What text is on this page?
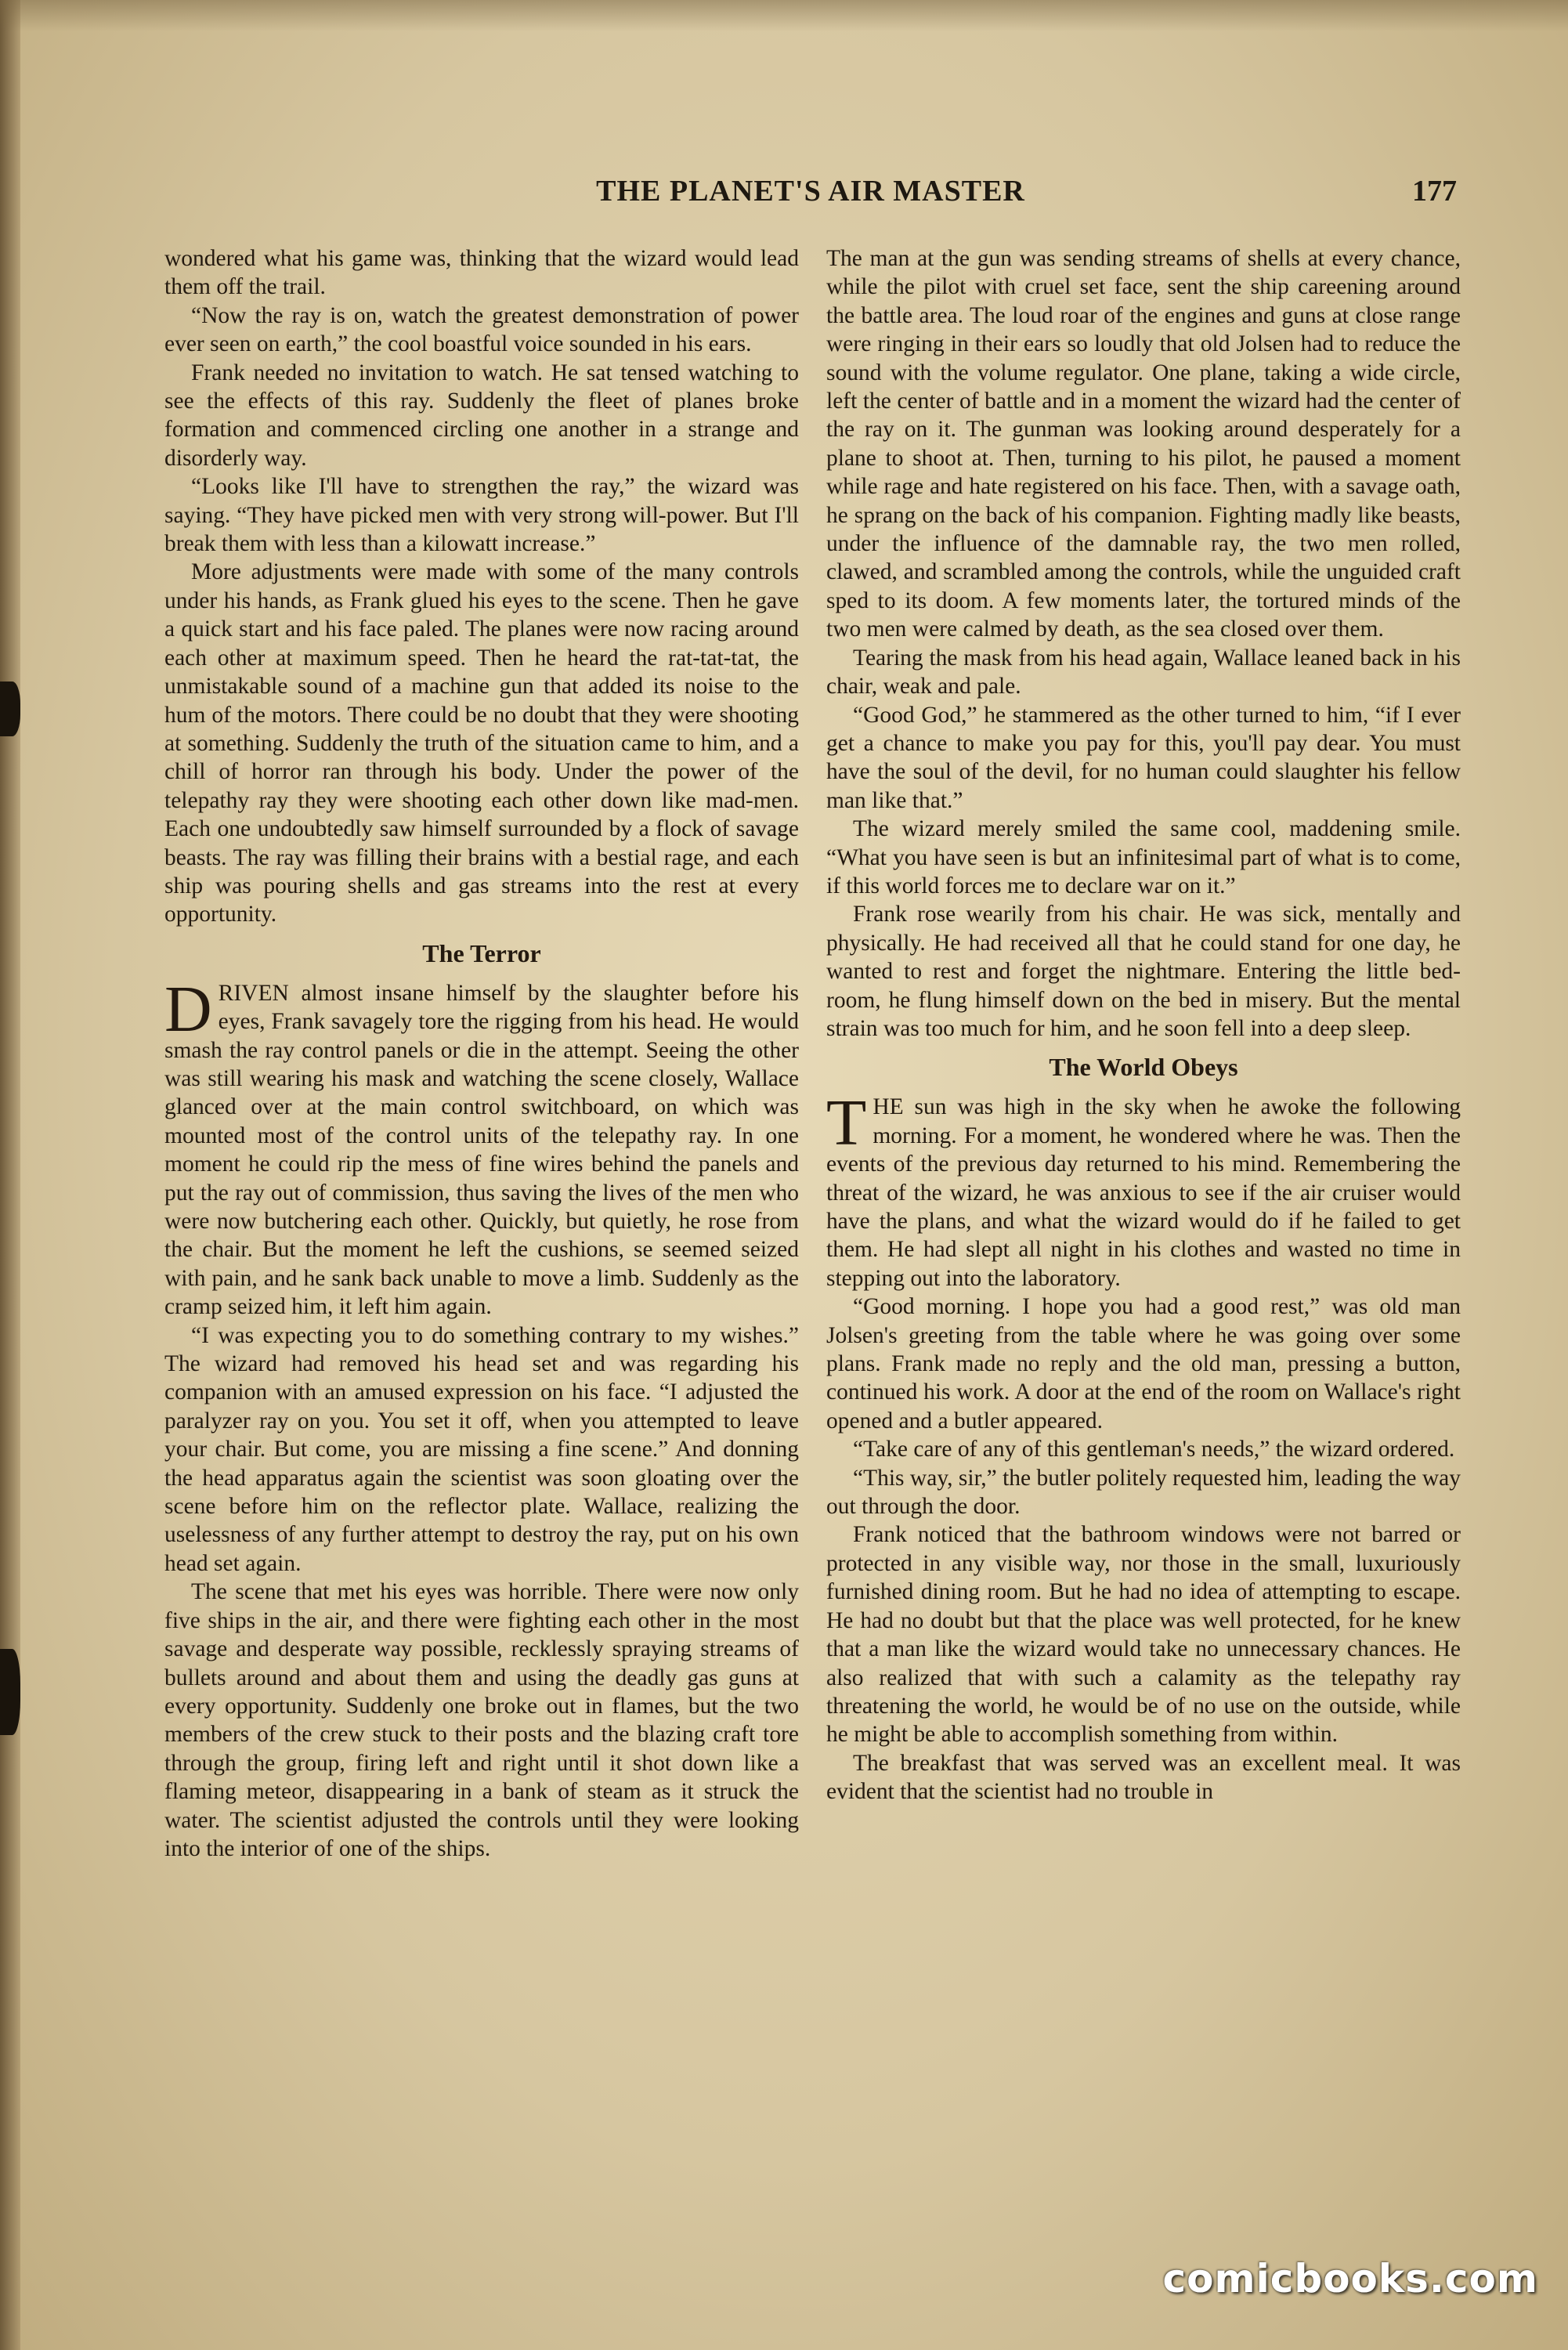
THE PLANET'S AIR MASTER	177

wondered what his game was, thinking that the wizard would lead them off the trail.

“Now the ray is on, watch the greatest demonstration of power ever seen on earth,” the cool boastful voice sounded in his ears.

Frank needed no invitation to watch. He sat tensed watching to see the effects of this ray. Suddenly the fleet of planes broke formation and commenced circling one another in a strange and disorderly way.

“Looks like I'll have to strengthen the ray,” the wizard was saying. “They have picked men with very strong will-power. But I'll break them with less than a kilowatt increase.”

More adjustments were made with some of the many controls under his hands, as Frank glued his eyes to the scene. Then he gave a quick start and his face paled. The planes were now racing around each other at maximum speed. Then he heard the rat-tat-tat, the unmistakable sound of a machine gun that added its noise to the hum of the motors. There could be no doubt that they were shooting at something. Suddenly the truth of the situation came to him, and a chill of horror ran through his body. Under the power of the telepathy ray they were shooting each other down like mad-men. Each one undoubtedly saw himself surrounded by a flock of savage beasts. The ray was filling their brains with a bestial rage, and each ship was pouring shells and gas streams into the rest at every opportunity.

The Terror

DRIVEN almost insane himself by the slaughter before his eyes, Frank savagely tore the rigging from his head. He would smash the ray control panels or die in the attempt. Seeing the other was still wearing his mask and watching the scene closely, Wallace glanced over at the main control switchboard, on which was mounted most of the control units of the telepathy ray. In one moment he could rip the mess of fine wires behind the panels and put the ray out of commission, thus saving the lives of the men who were now butchering each other. Quickly, but quietly, he rose from the chair. But the moment he left the cushions, se seemed seized with pain, and he sank back unable to move a limb. Suddenly as the cramp seized him, it left him again.

“I was expecting you to do something contrary to my wishes.” The wizard had removed his head set and was regarding his companion with an amused expression on his face. “I adjusted the paralyzer ray on you. You set it off, when you attempted to leave your chair. But come, you are missing a fine scene.” And donning the head apparatus again the scientist was soon gloating over the scene before him on the reflector plate. Wallace, realizing the uselessness of any further attempt to destroy the ray, put on his own head set again.

The scene that met his eyes was horrible. There were now only five ships in the air, and there were fighting each other in the most savage and desperate way possible, recklessly spraying streams of bullets around and about them and using the deadly gas guns at every opportunity. Suddenly one broke out in flames, but the two members of the crew stuck to their posts and the blazing craft tore through the group, firing left and right until it shot down like a flaming meteor, disappearing in a bank of steam as it struck the water. The scientist adjusted the controls until they were looking into the interior of one of the ships.

The man at the gun was sending streams of shells at every chance, while the pilot with cruel set face, sent the ship careening around the battle area. The loud roar of the engines and guns at close range were ringing in their ears so loudly that old Jolsen had to reduce the sound with the volume regulator. One plane, taking a wide circle, left the center of battle and in a moment the wizard had the center of the ray on it. The gunman was looking around desperately for a plane to shoot at. Then, turning to his pilot, he paused a moment while rage and hate registered on his face. Then, with a savage oath, he sprang on the back of his companion. Fighting madly like beasts, under the influence of the damnable ray, the two men rolled, clawed, and scrambled among the controls, while the unguided craft sped to its doom. A few moments later, the tortured minds of the two men were calmed by death, as the sea closed over them.

Tearing the mask from his head again, Wallace leaned back in his chair, weak and pale.

“Good God,” he stammered as the other turned to him, “if I ever get a chance to make you pay for this, you'll pay dear. You must have the soul of the devil, for no human could slaughter his fellow man like that.”

The wizard merely smiled the same cool, maddening smile. “What you have seen is but an infinitesimal part of what is to come, if this world forces me to declare war on it.”

Frank rose wearily from his chair. He was sick, mentally and physically. He had received all that he could stand for one day, he wanted to rest and forget the nightmare. Entering the little bed-room, he flung himself down on the bed in misery. But the mental strain was too much for him, and he soon fell into a deep sleep.

The World Obeys

THE sun was high in the sky when he awoke the following morning. For a moment, he wondered where he was. Then the events of the previous day returned to his mind. Remembering the threat of the wizard, he was anxious to see if the air cruiser would have the plans, and what the wizard would do if he failed to get them. He had slept all night in his clothes and wasted no time in stepping out into the laboratory.

“Good morning. I hope you had a good rest,” was old man Jolsen's greeting from the table where he was going over some plans. Frank made no reply and the old man, pressing a button, continued his work. A door at the end of the room on Wallace's right opened and a butler appeared.

“Take care of any of this gentleman's needs,” the wizard ordered.

“This way, sir,” the butler politely requested him, leading the way out through the door.

Frank noticed that the bathroom windows were not barred or protected in any visible way, nor those in the small, luxuriously furnished dining room. But he had no idea of attempting to escape. He had no doubt but that the place was well protected, for he knew that a man like the wizard would take no unnecessary chances. He also realized that with such a calamity as the telepathy ray threatening the world, he would be of no use on the outside, while he might be able to accomplish something from within.

The breakfast that was served was an excellent meal. It was evident that the scientist had no trouble in

comicbooks.com
